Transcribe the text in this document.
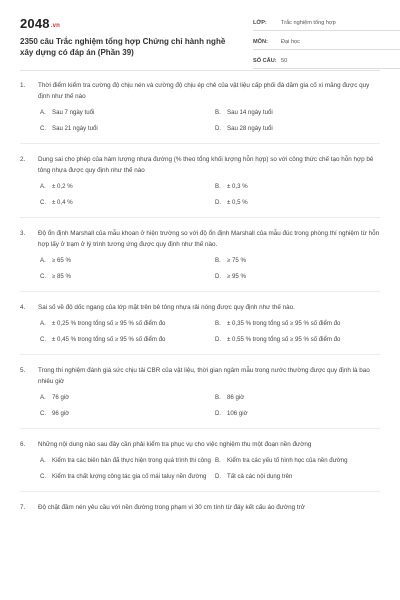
2048.vn
2350 câu Trắc nghiệm tổng hợp Chứng chỉ hành nghề xây dựng có đáp án (Phần 39)
LỚP:	Trắc nghiệm tổng hợp
MÔN:	Đại học
SỐ CÂU: 50
1. Thời điểm kiểm tra cường độ chịu nén và cường độ chịu ép chẻ của vật liệu cấp phối đá dăm gia cố xi măng được quy định như thế nào
A. Sau 7 ngày tuổi	B. Sau 14 ngày tuổi
C. Sau 21 ngày tuổi	D. Sau 28 ngày tuổi
2. Dung sai cho phép của hàm lượng nhựa đường (% theo tổng khối lượng hỗn hợp) so với công thức chế tạo hỗn hợp bê tông nhựa được quy định như thế nào
A. ± 0,2 %	B. ± 0,3 %
C. ± 0,4 %	D. ± 0,5 %
3. Độ ổn định Marshall của mẫu khoan ở hiện trường so với độ ổn định Marshall của mẫu đúc trong phòng thí nghiệm từ hỗn hợp lấy ở trạm ở lý trình tương ứng được quy định như thế nào.
A. ≥ 65 %	B. ≥ 75 %
C. ≥ 85 %	D. ≥ 95 %
4. Sai số về độ dốc ngang của lớp mặt trên bê tông nhựa rải nóng được quy định như thế nào.
A. ± 0,25 % trong tổng số ≥ 95 % số điểm đo	B. ± 0,35 % trong tổng số ≥ 95 % số điểm đo
C. ± 0,45 % trong tổng số ≥ 95 % số điểm đo	D. ± 0,55 % trong tổng số ≥ 95 % số điểm đo
5. Trong thí nghiệm đánh giá sức chịu tải CBR của vật liệu, thời gian ngâm mẫu trong nước thường được quy định là bao nhiêu giờ
A. 76 giờ	B. 86 giờ
C. 96 giờ	D. 106 giờ
6. Những nội dung nào sau đây cần phải kiểm tra phục vụ cho việc nghiệm thu một đoạn nền đường
A. Kiểm tra các biên bản đã thực hiện trong quá trình thi công B. Kiểm tra các yếu tố hình học của nền đường
C. Kiểm tra chất lượng công tác gia cố mái taluy nền đường D. Tất cả các nội dung trên
7. Độ chặt đầm nén yêu cầu với nền đường trong phạm vi 30 cm tính từ đáy kết cấu áo đường trở
